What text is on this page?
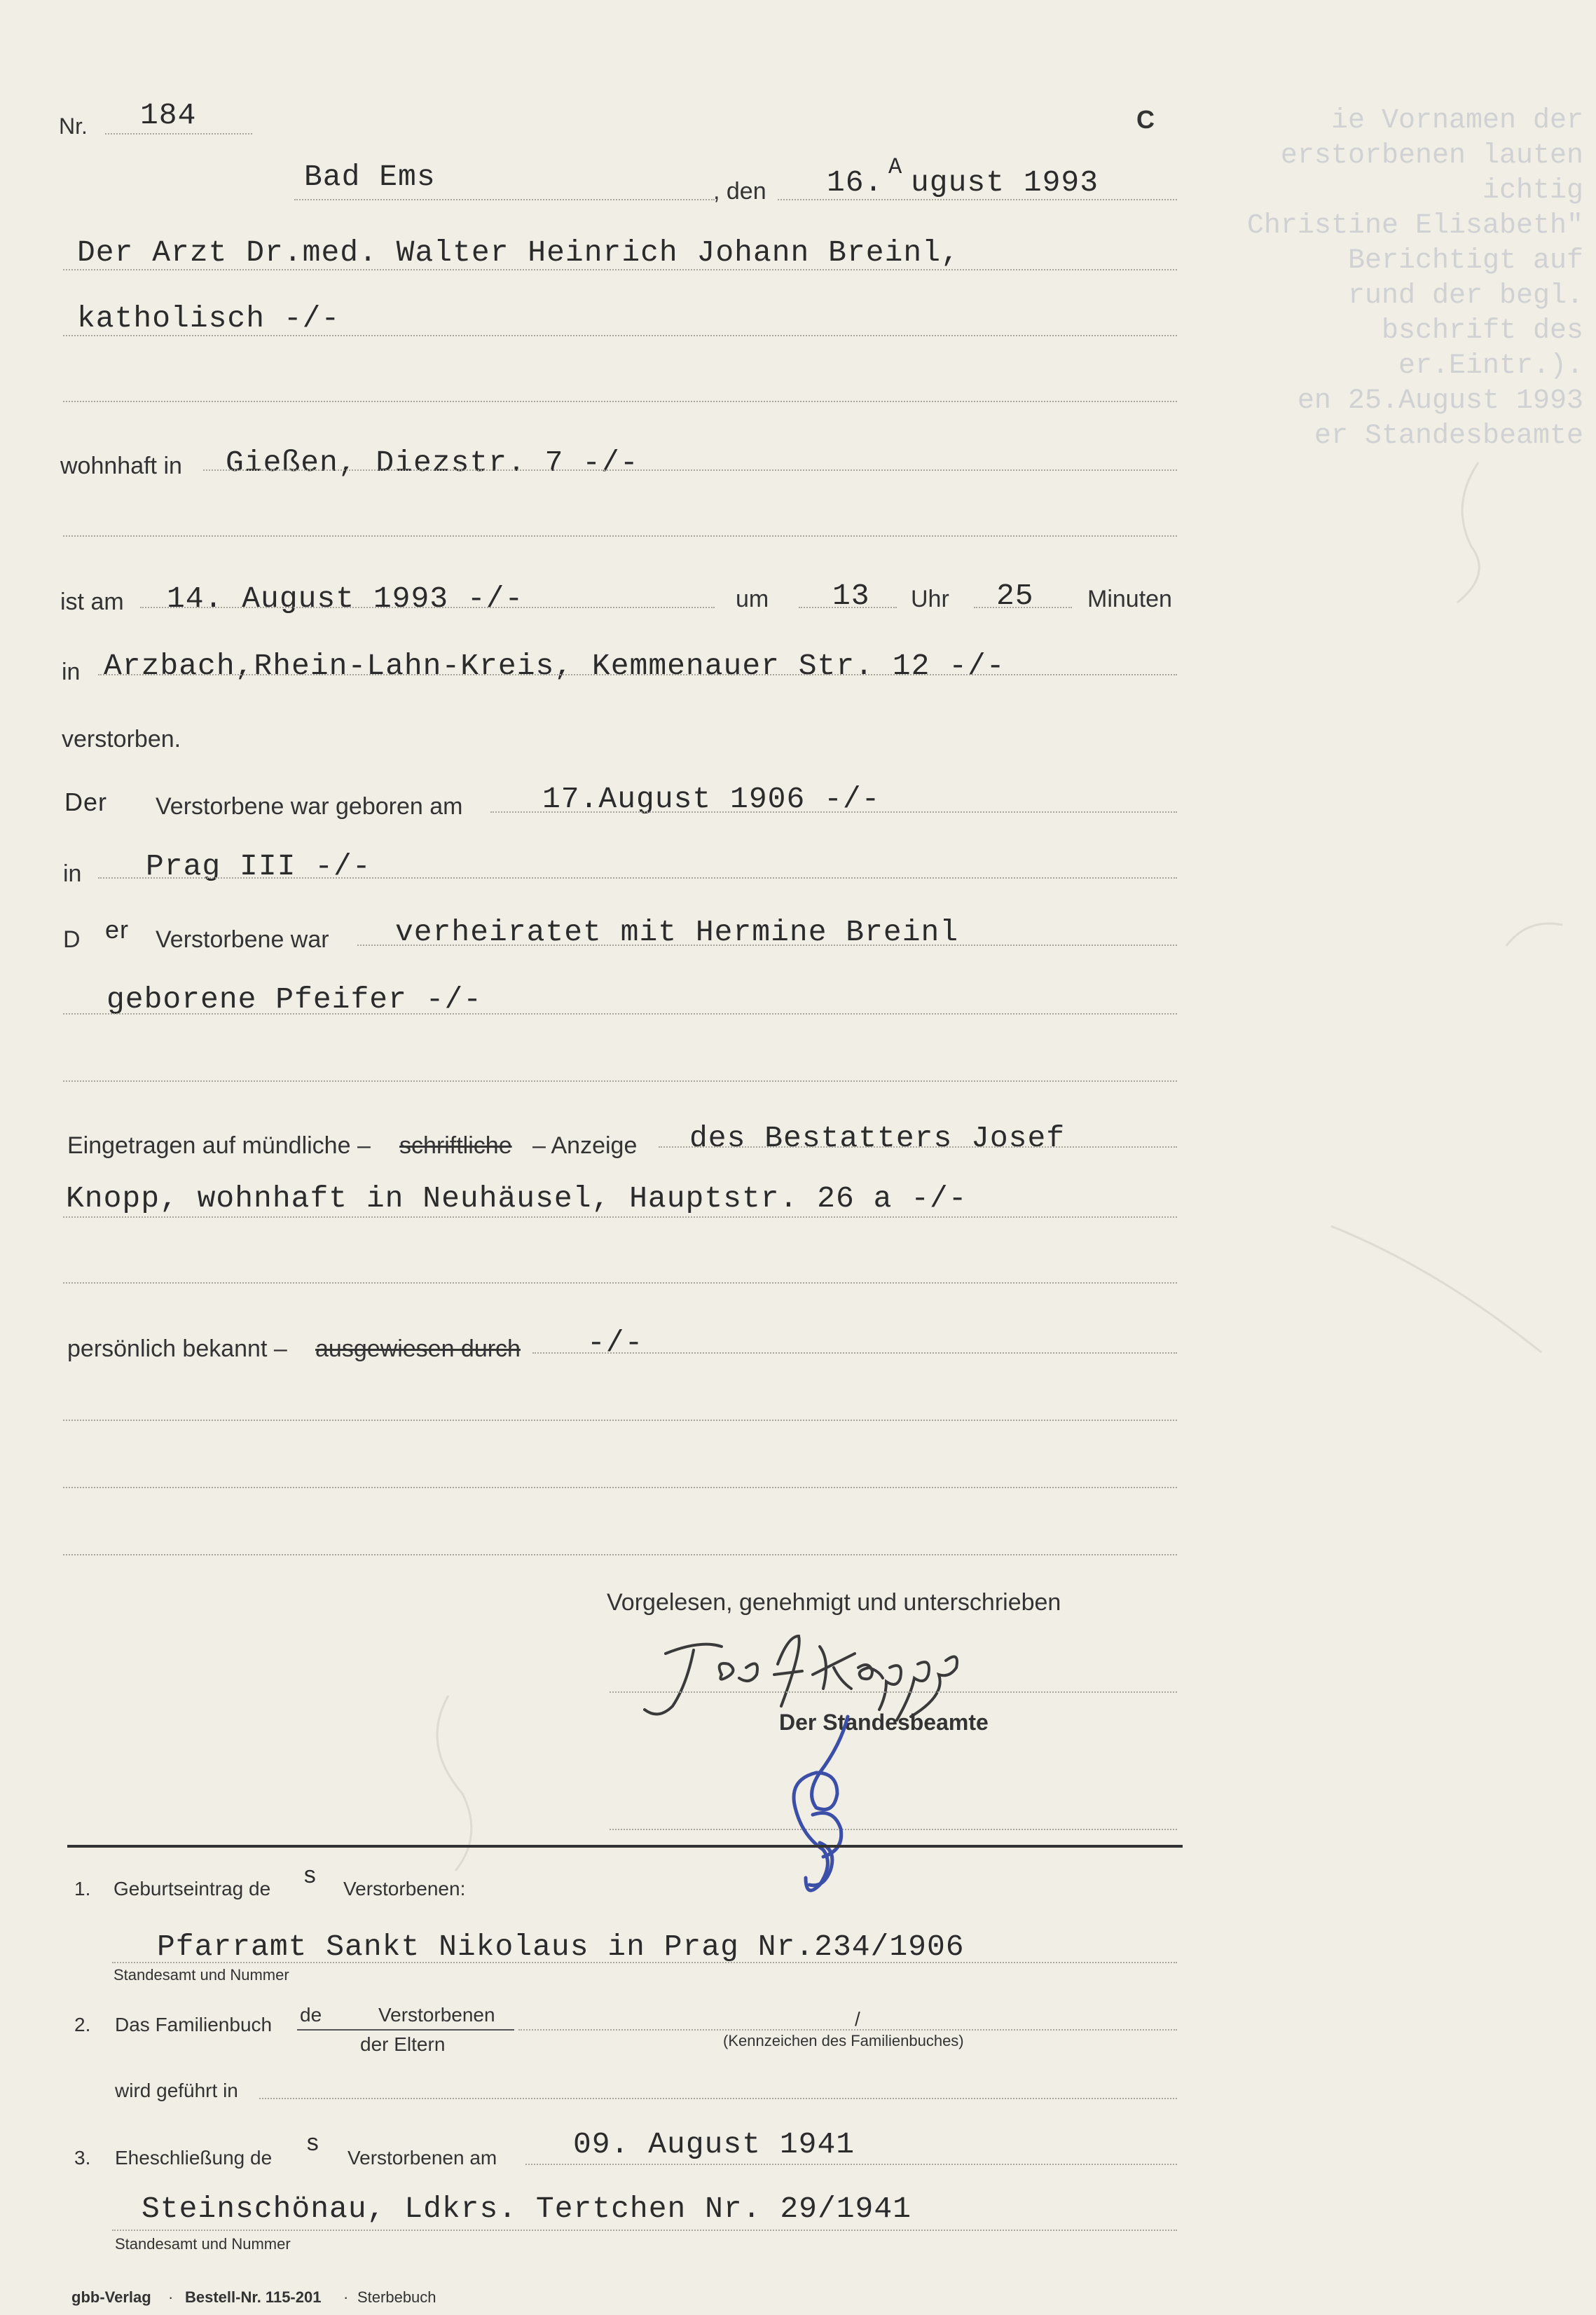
ie Vornamen der
erstorbenen lauten
ichtig
Christine Elisabeth"
Berichtigt auf
rund der begl.
bschrift des
er.Eintr.).
en 25.August 1993
er Standesbeamte
Nr. 184	C
Bad Ems	, den 16. A ugust 1993
Der Arzt Dr.med. Walter Heinrich Johann Breinl,
katholisch -/-
wohnhaft in Gießen, Diezstr. 7 -/-
ist am 14. August 1993 -/-	um 13 Uhr 25 Minuten
in Arzbach,Rhein-Lahn-Kreis, Kemmenauer Str. 12 -/-
verstorben.
Der Verstorbene war geboren am	17.August 1906 -/-
in Prag III -/-
D er Verstorbene war verheiratet mit Hermine Breinl
geborene Pfeifer -/-
Eingetragen auf mündliche – schriftliche – Anzeige des Bestatters Josef
Knopp, wohnhaft in Neuhäusel, Hauptstr. 26 a -/-
persönlich bekannt – ausgewiesen durch -/-
Vorgelesen, genehmigt und unterschrieben
Der Standesbeamte
1. Geburtseintrag de s Verstorbenen:
Pfarramt Sankt Nikolaus in Prag Nr.234/1906
Standesamt und Nummer
2. Das Familienbuch de	Verstorbenen
der Eltern
/
(Kennzeichen des Familienbuches)
wird geführt in
3. Eheschließung de s Verstorbenen am	09. August 1941
Steinschönau, Ldkrs. Tertchen Nr. 29/1941
Standesamt und Nummer
gbb-Verlag · Bestell-Nr. 115-201 · Sterbebuch
